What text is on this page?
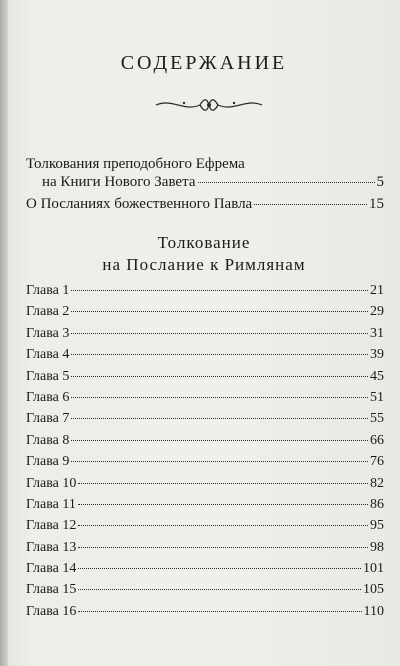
СОДЕРЖАНИЕ
Толкования преподобного Ефрема
на Книги Нового Завета	5
О Посланиях божественного Павла	15
Толкование
на Послание к Римлянам
Глава 1	21
Глава 2	29
Глава 3	31
Глава 4	39
Глава 5	45
Глава 6	51
Глава 7	55
Глава 8	66
Глава 9	76
Глава 10	82
Глава 11	86
Глава 12	95
Глава 13	98
Глава 14	101
Глава 15	105
Глава 16	110
